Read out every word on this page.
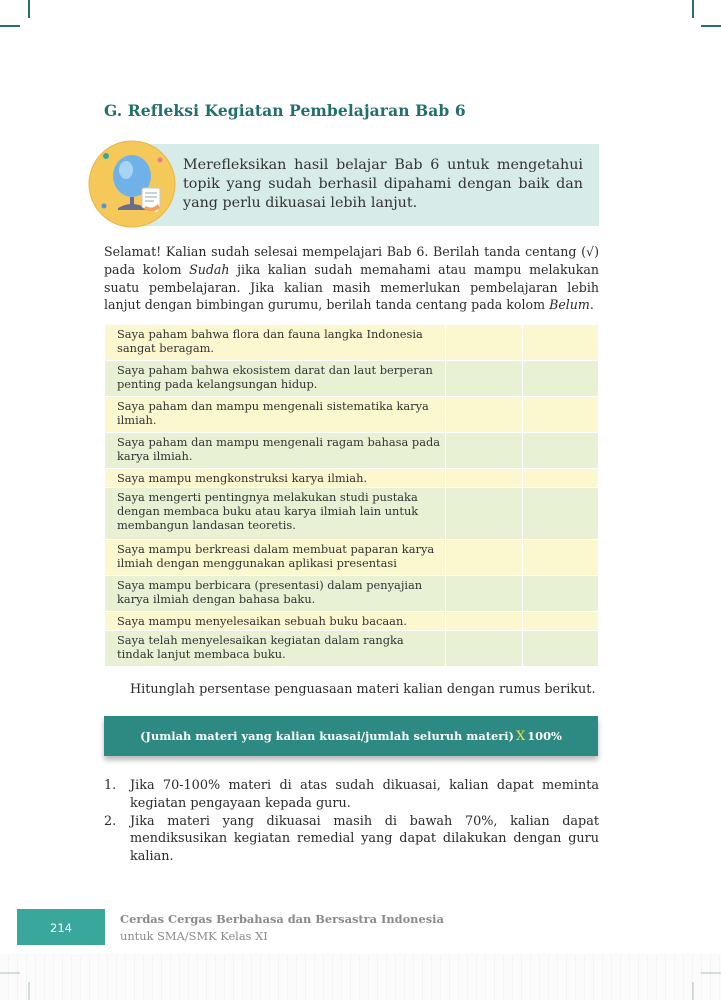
G. Refleksi Kegiatan Pembelajaran Bab 6

Merefleksikan hasil belajar Bab 6 untuk mengetahui topik yang sudah berhasil dipahami dengan baik dan yang perlu dikuasai lebih lanjut.

Selamat! Kalian sudah selesai mempelajari Bab 6. Berilah tanda centang (√) pada kolom Sudah jika kalian sudah memahami atau mampu melakukan suatu pembelajaran. Jika kalian masih memerlukan pembelajaran lebih lanjut dengan bimbingan gurumu, berilah tanda centang pada kolom Belum.

Saya paham bahwa flora dan fauna langka Indonesia sangat beragam.		
Saya paham bahwa ekosistem darat dan laut berperan penting pada kelangsungan hidup.		
Saya paham dan mampu mengenali sistematika karya ilmiah.		
Saya paham dan mampu mengenali ragam bahasa pada karya ilmiah.		
Saya mampu mengkonstruksi karya ilmiah.		
Saya mengerti pentingnya melakukan studi pustaka dengan membaca buku atau karya ilmiah lain untuk membangun landasan teoretis.		
Saya mampu berkreasi dalam membuat paparan karya ilmiah dengan menggunakan aplikasi presentasi		
Saya mampu berbicara (presentasi) dalam penyajian karya ilmiah dengan bahasa baku.		
Saya mampu menyelesaikan sebuah buku bacaan.		
Saya telah menyelesaikan kegiatan dalam rangka tindak lanjut membaca buku.		

Hitunglah persentase penguasaan materi kalian dengan rumus berikut.

(Jumlah materi yang kalian kuasai/jumlah seluruh materi) X 100%
1. Jika 70-100% materi di atas sudah dikuasai, kalian dapat meminta kegiatan pengayaan kepada guru.
2. Jika materi yang dikuasai masih di bawah 70%, kalian dapat mendiksusikan kegiatan remedial yang dapat dilakukan dengan guru kalian.
214
Cerdas Cergas Berbahasa dan Bersastra Indonesia
untuk SMA/SMK Kelas XI
